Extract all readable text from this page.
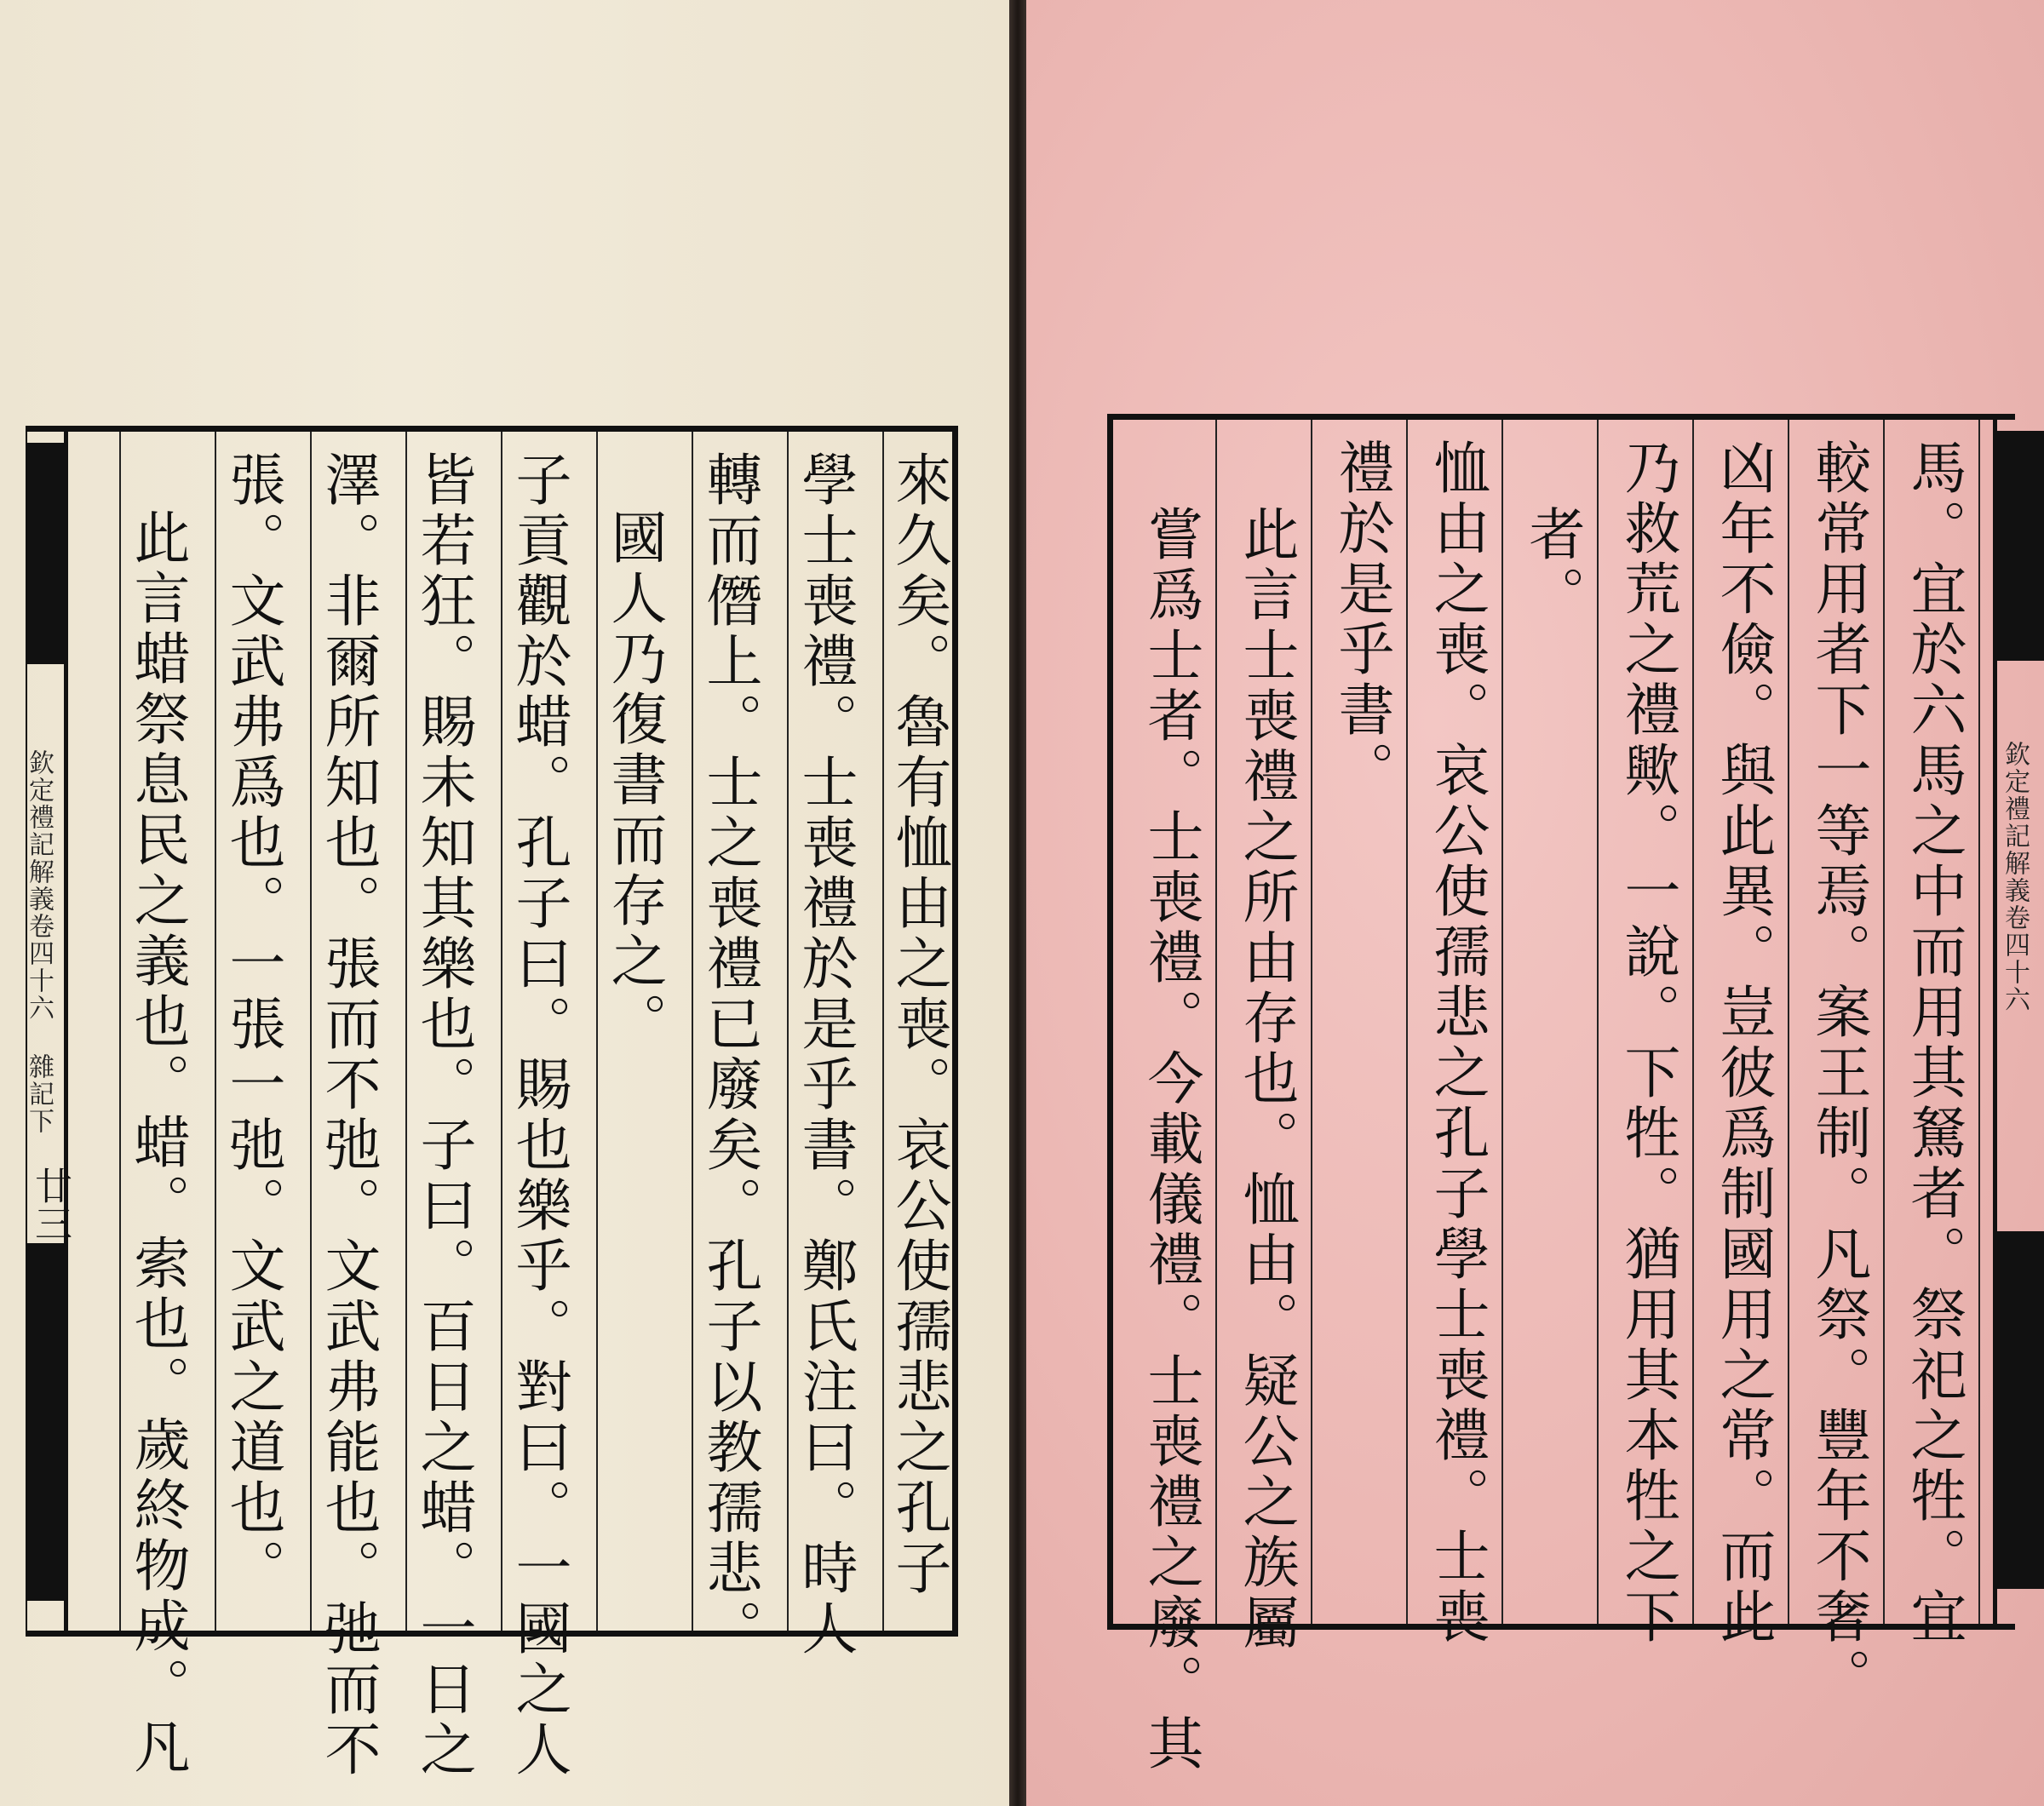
來久矣。魯有恤由之喪。哀公使孺悲之孔子
學士喪禮。士喪禮於是乎書。鄭氏注曰。時人
轉而僭上。士之喪禮已廢矣。孔子以教孺悲。
國人乃復書而存之。
子貢觀於蜡。孔子曰。賜也樂乎。對曰。一國之人
皆若狂。賜未知其樂也。子曰。百日之蜡。一日之
澤。非爾所知也。張而不弛。文武弗能也。弛而不
張。文武弗爲也。一張一弛。文武之道也。
此言蜡祭息民之義也。蜡。索也。歲終物成。凡
欽定禮記解義卷四十六 雜記下
廿三	馬。宜於六馬之中而用其駑者。祭祀之牲。宜
較常用者下一等焉。案王制。凡祭。豐年不奢。
凶年不儉。與此異。豈彼爲制國用之常。而此
乃救荒之禮歟。一說。下牲。猶用其本牲之下
者。
恤由之喪。哀公使孺悲之孔子學士喪禮。士喪
禮於是乎書。
此言士喪禮之所由存也。恤由。疑公之族屬
嘗爲士者。士喪禮。今載儀禮。士喪禮之廢。其	欽定禮記解義卷四十六
